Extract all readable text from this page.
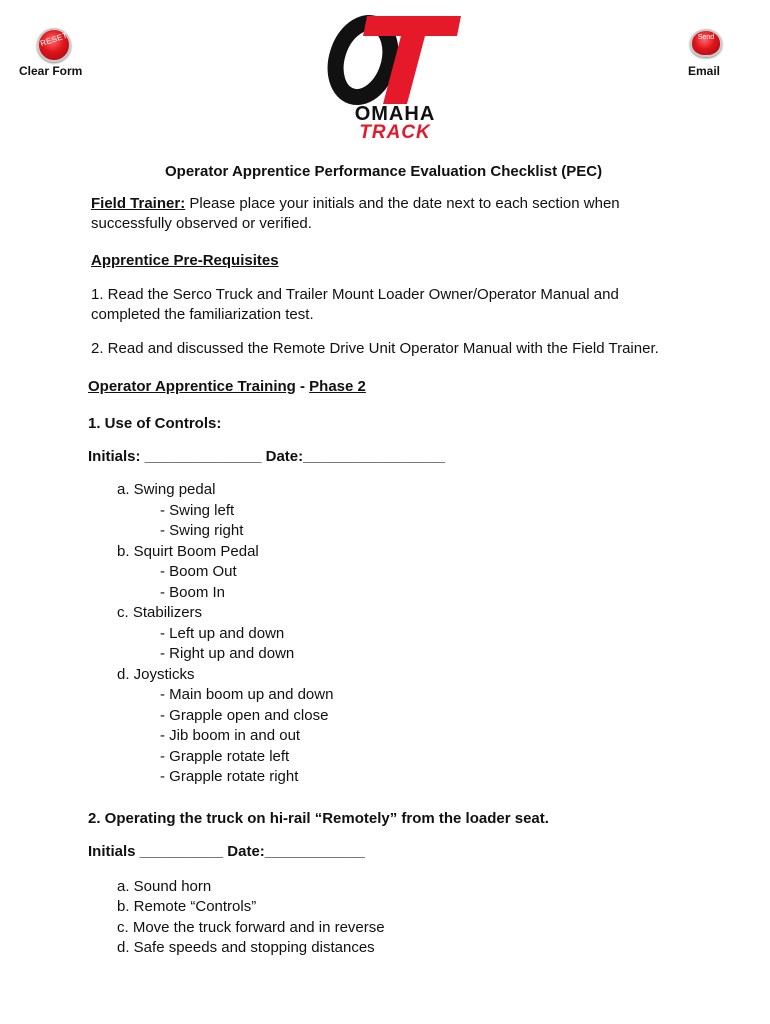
RESET
Clear Form
Send
Email
OMAHA
TRACK
Operator Apprentice Performance Evaluation Checklist (PEC)
Field Trainer: Please place your initials and the date next to each section when
successfully observed or verified.
Apprentice Pre-Requisites
1. Read the Serco Truck and Trailer Mount Loader Owner/Operator Manual and
completed the familiarization test.
2. Read and discussed the Remote Drive Unit Operator Manual with the Field Trainer.
Operator Apprentice Training - Phase 2
1. Use of Controls:
Initials: ______________ Date:_________________
a. Swing pedal
- Swing left
- Swing right
b. Squirt Boom Pedal
- Boom Out
- Boom In
c. Stabilizers
- Left up and down
- Right up and down
d. Joysticks
- Main boom up and down
- Grapple open and close
- Jib boom in and out
- Grapple rotate left
- Grapple rotate right
2. Operating the truck on hi-rail “Remotely” from the loader seat.
Initials __________ Date:____________
a. Sound horn
b. Remote “Controls”
c. Move the truck forward and in reverse
d. Safe speeds and stopping distances
